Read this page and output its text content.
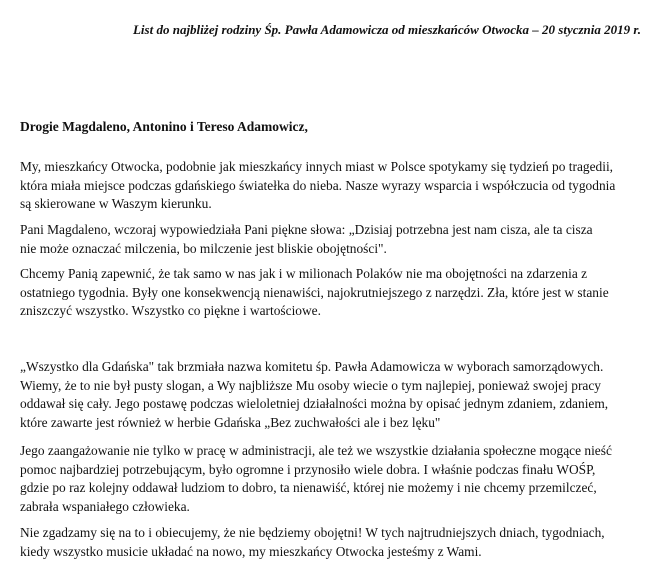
List do najbliżej rodziny Śp. Pawła Adamowicza od mieszkańców Otwocka – 20 stycznia 2019 r.
Drogie Magdaleno, Antonino i Tereso Adamowicz,

My, mieszkańcy Otwocka, podobnie jak mieszkańcy innych miast w Polsce spotykamy się tydzień po tragedii,
która miała miejsce podczas gdańskiego światełka do nieba. Nasze wyrazy wsparcia i współczucia od tygodnia
są skierowane w Waszym kierunku.

Pani Magdaleno, wczoraj wypowiedziała Pani piękne słowa: „Dzisiaj potrzebna jest nam cisza, ale ta cisza
nie może oznaczać milczenia, bo milczenie jest bliskie obojętności".

Chcemy Panią zapewnić, że tak samo w nas jak i w milionach Polaków nie ma obojętności na zdarzenia z
ostatniego tygodnia. Były one konsekwencją nienawiści, najokrutniejszego z narzędzi. Zła, które jest w stanie
zniszczyć wszystko. Wszystko co piękne i wartościowe.

„Wszystko dla Gdańska" tak brzmiała nazwa komitetu śp. Pawła Adamowicza w wyborach samorządowych.
Wiemy, że to nie był pusty slogan, a Wy najbliższe Mu osoby wiecie o tym najlepiej, ponieważ swojej pracy
oddawał się cały. Jego postawę podczas wieloletniej działalności można by opisać jednym zdaniem, zdaniem,
które zawarte jest również w herbie Gdańska „Bez zuchwałości ale i bez lęku"

Jego zaangażowanie nie tylko w pracę w administracji, ale też we wszystkie działania społeczne mogące nieść
pomoc najbardziej potrzebującym, było ogromne i przynosiło wiele dobra. I właśnie podczas finału WOŚP,
gdzie po raz kolejny oddawał ludziom to dobro, ta nienawiść, której nie możemy i nie chcemy przemilczeć,
zabrała wspaniałego człowieka.

Nie zgadzamy się na to i obiecujemy, że nie będziemy obojętni! W tych najtrudniejszych dniach, tygodniach,
kiedy wszystko musicie układać na nowo, my mieszkańcy Otwocka jesteśmy z Wami.
